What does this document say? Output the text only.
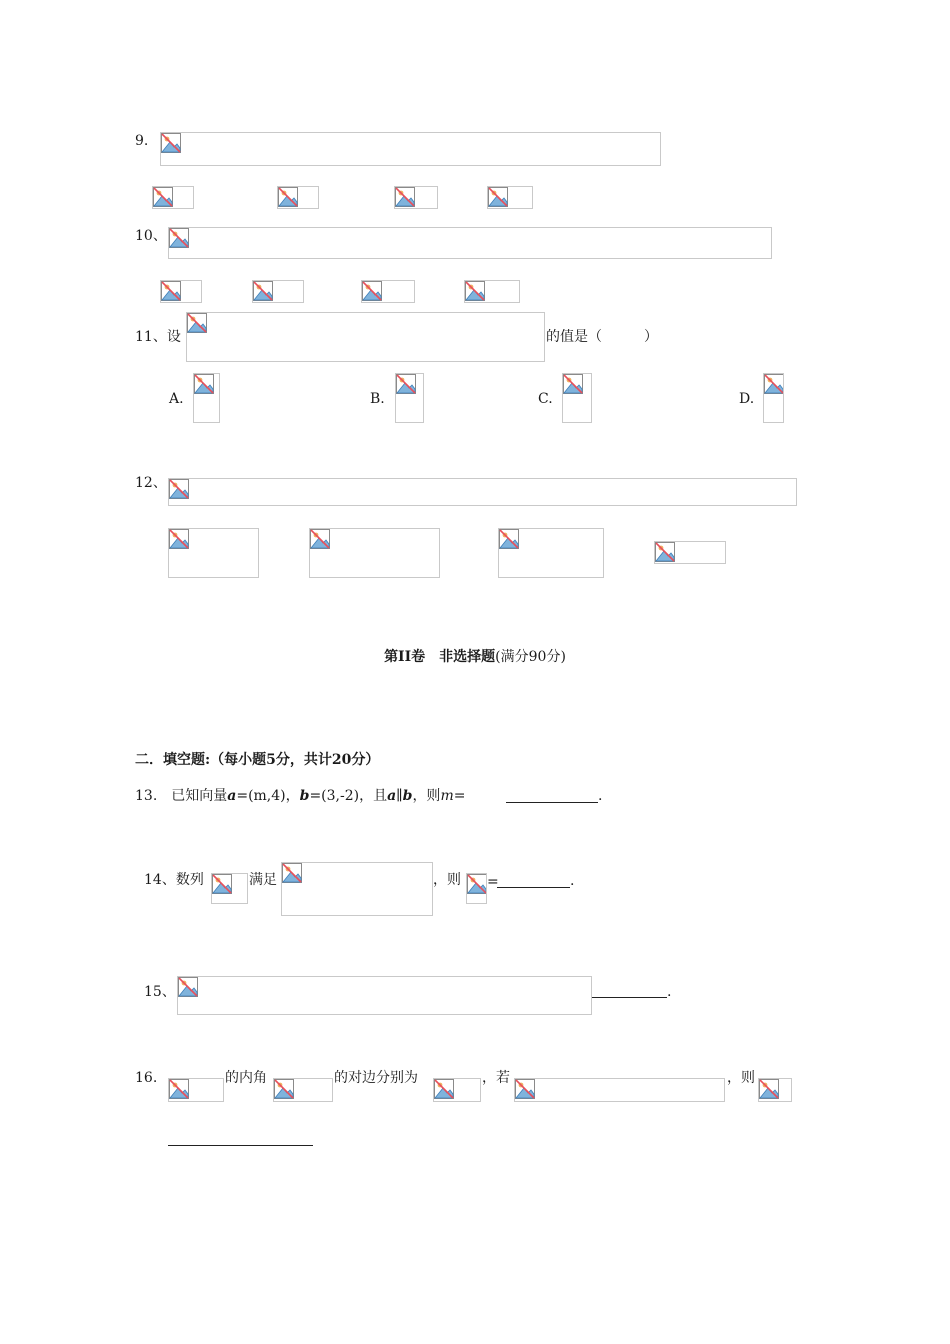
9.
10、
11、设	的值是（　　　）
A.	B.	C.	D.
12、
第II卷　非选择题(满分90分)
二．填空题:（每小题5分，共计20分）
13.　已知向量a=(m,4)，b=(3,-2)，且a∥b，则m=	.
14、数列	满足	，则 =	.
15、	.
16.	的内角	的对边分别为	，若	，则
